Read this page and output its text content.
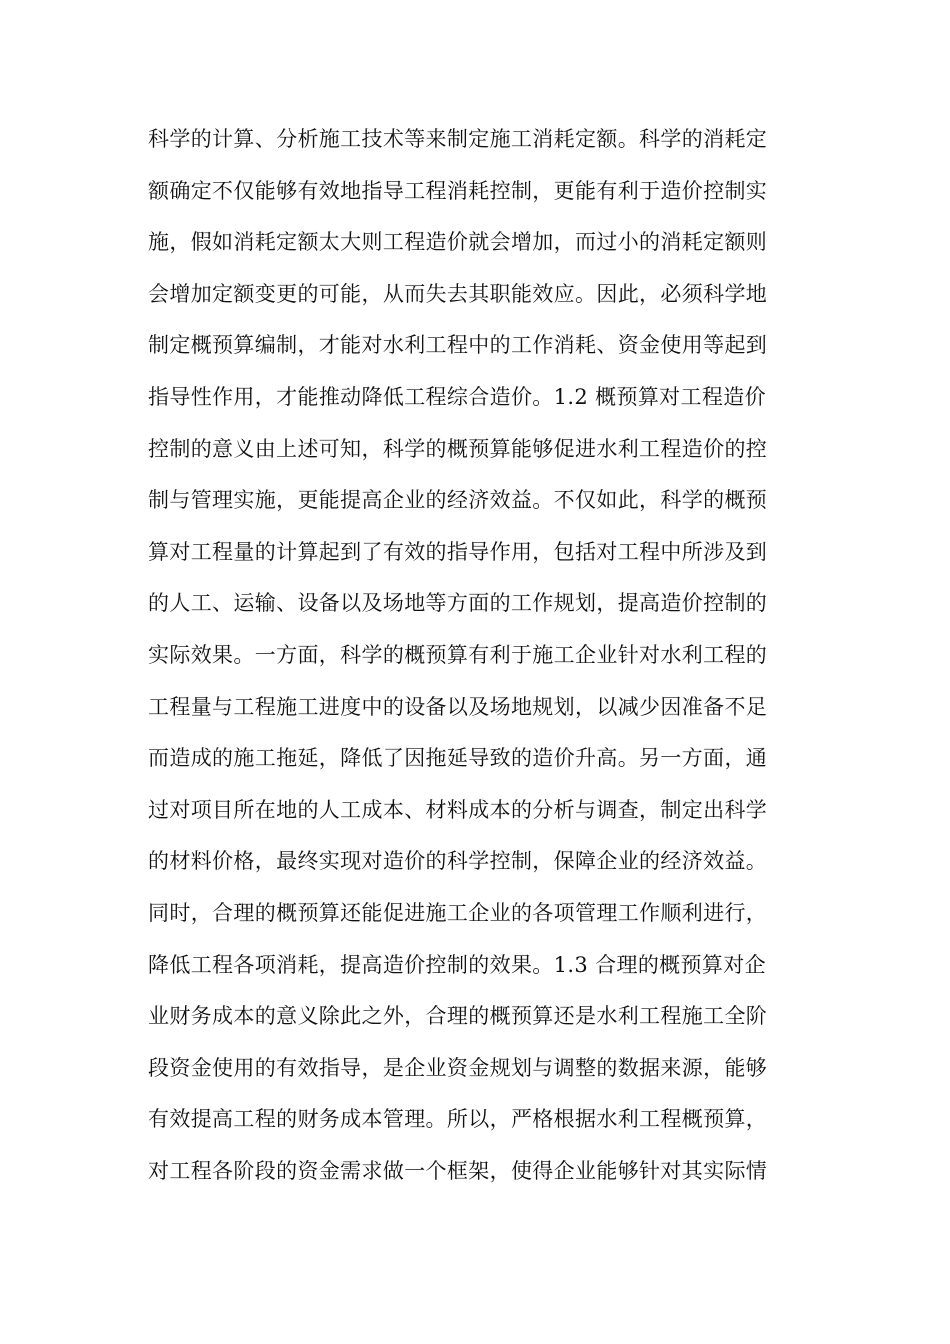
科学的计算、分析施工技术等来制定施工消耗定额。科学的消耗定
额确定不仅能够有效地指导工程消耗控制，更能有利于造价控制实
施，假如消耗定额太大则工程造价就会增加，而过小的消耗定额则
会增加定额变更的可能，从而失去其职能效应。因此，必须科学地
制定概预算编制，才能对水利工程中的工作消耗、资金使用等起到
指导性作用，才能推动降低工程综合造价。1.2 概预算对工程造价
控制的意义由上述可知，科学的概预算能够促进水利工程造价的控
制与管理实施，更能提高企业的经济效益。不仅如此，科学的概预
算对工程量的计算起到了有效的指导作用，包括对工程中所涉及到
的人工、运输、设备以及场地等方面的工作规划，提高造价控制的
实际效果。一方面，科学的概预算有利于施工企业针对水利工程的
工程量与工程施工进度中的设备以及场地规划，以减少因准备不足
而造成的施工拖延，降低了因拖延导致的造价升高。另一方面，通
过对项目所在地的人工成本、材料成本的分析与调查，制定出科学
的材料价格，最终实现对造价的科学控制，保障企业的经济效益。
同时，合理的概预算还能促进施工企业的各项管理工作顺利进行，
降低工程各项消耗，提高造价控制的效果。1.3 合理的概预算对企
业财务成本的意义除此之外，合理的概预算还是水利工程施工全阶
段资金使用的有效指导，是企业资金规划与调整的数据来源，能够
有效提高工程的财务成本管理。所以，严格根据水利工程概预算，
对工程各阶段的资金需求做一个框架，使得企业能够针对其实际情
